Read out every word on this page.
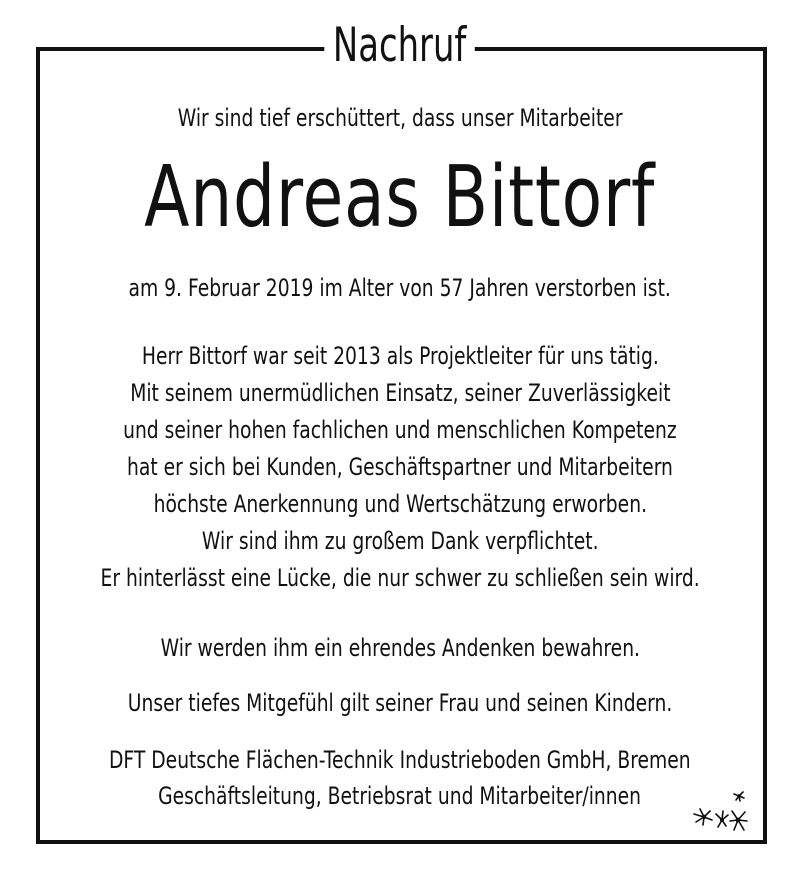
Nachruf
Wir sind tief erschüttert, dass unser Mitarbeiter
Andreas Bittorf
am 9. Februar 2019 im Alter von 57 Jahren verstorben ist.
Herr Bittorf war seit 2013 als Projektleiter für uns tätig.
Mit seinem unermüdlichen Einsatz, seiner Zuverlässigkeit
und seiner hohen fachlichen und menschlichen Kompetenz
hat er sich bei Kunden, Geschäftspartner und Mitarbeitern
höchste Anerkennung und Wertschätzung erworben.
Wir sind ihm zu großem Dank verpflichtet.
Er hinterlässt eine Lücke, die nur schwer zu schließen sein wird.
Wir werden ihm ein ehrendes Andenken bewahren.
Unser tiefes Mitgefühl gilt seiner Frau und seinen Kindern.
DFT Deutsche Flächen-Technik Industrieboden GmbH, Bremen
Geschäftsleitung, Betriebsrat und Mitarbeiter/innen
